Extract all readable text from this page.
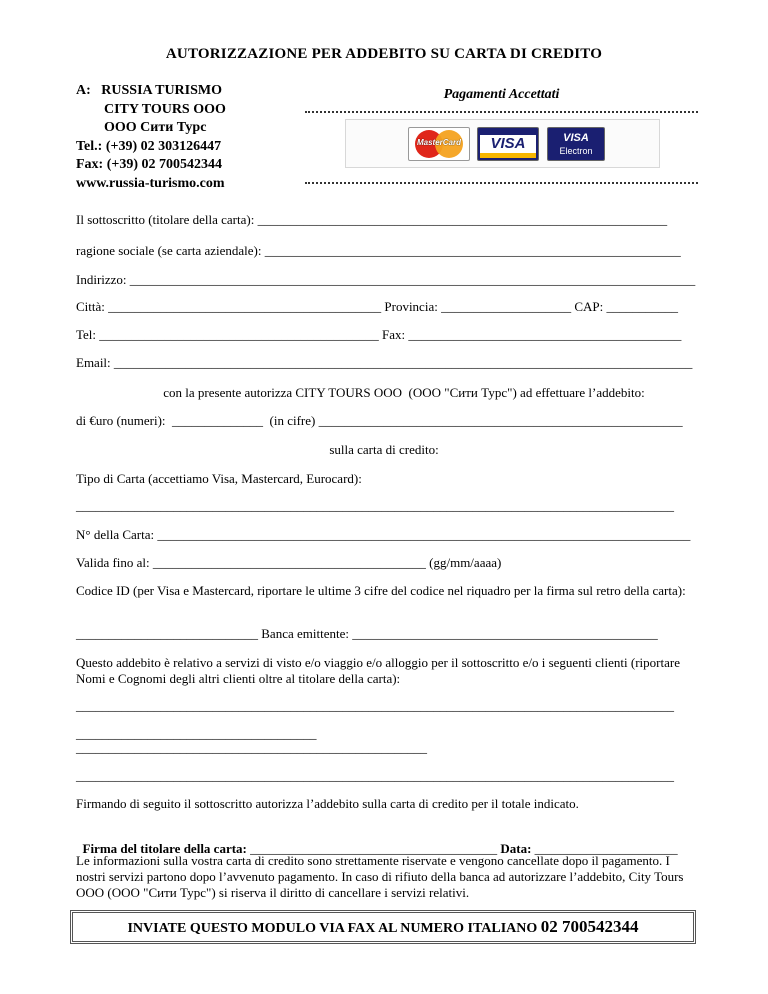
AUTORIZZAZIONE PER ADDEBITO SU CARTA DI CREDITO
A: RUSSIA TURISMO
CITY TOURS OOO
ООО Сити Турс
Tel.: (+39) 02 303126447
Fax: (+39) 02 700542344
www.russia-turismo.com
Pagamenti Accettati
MasterCard	VISA	VISA
Electron
Il sottoscritto (titolare della carta): _______________________________________________________________
ragione sociale (se carta aziendale): ________________________________________________________________
Indirizzo: _______________________________________________________________________________________
Città: __________________________________________ Provincia: ____________________ CAP: ___________
Tel: ___________________________________________ Fax: __________________________________________
Email: _________________________________________________________________________________________
con la presente autorizza CITY TOURS OOO  (ООО "Сити Турс") ad effettuare l’addebito:
di €uro (numeri):  ______________  (in cifre) ________________________________________________________
sulla carta di credito:
Tipo di Carta (accettiamo Visa, Mastercard, Eurocard):
____________________________________________________________________________________________
N° della Carta: __________________________________________________________________________________
Valida fino al: __________________________________________ (gg/mm/aaaa)
Codice ID (per Visa e Mastercard, riportare le ultime 3 cifre del codice nel riquadro per la firma sul retro della carta):
____________________________ Banca emittente: _______________________________________________
Questo addebito è relativo a servizi di visto e/o viaggio e/o alloggio per il sottoscritto e/o i seguenti clienti (riportare Nomi e Cognomi degli altri clienti oltre al titolare della carta):
____________________________________________________________________________________________
_____________________________________
______________________________________________________
____________________________________________________________________________________________
Firmando di seguito il sottoscritto autorizza l’addebito sulla carta di credito per il totale indicato.

Firma del titolare della carta: ______________________________________ Data: ______________________

Le informazioni sulla vostra carta di credito sono strettamente riservate e vengono cancellate dopo il pagamento. I nostri servizi partono dopo l’avvenuto pagamento. In caso di rifiuto della banca ad autorizzare l’addebito, City Tours OOO (ООО "Сити Турс") si riserva il diritto di cancellare i servizi relativi.
INVIATE QUESTO MODULO VIA FAX AL NUMERO ITALIANO 02 700542344
